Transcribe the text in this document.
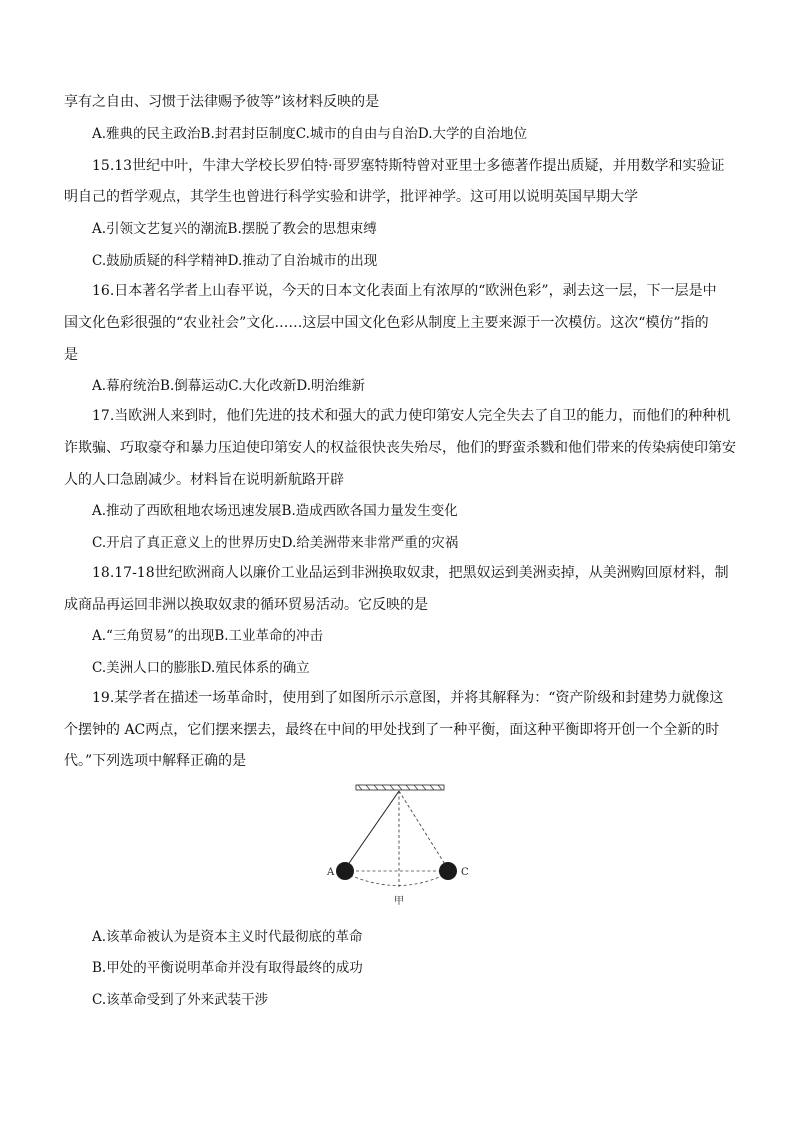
享有之自由、习惯于法律赐予彼等”该材料反映的是
A.雅典的民主政治B.封君封臣制度C.城市的自由与自治D.大学的自治地位
15.13世纪中叶，牛津大学校长罗伯特·哥罗塞特斯特曾对亚里士多德著作提出质疑，并用数学和实验证
明自己的哲学观点，其学生也曾进行科学实验和讲学，批评神学。这可用以说明英国早期大学
A.引领文艺复兴的潮流B.摆脱了教会的思想束缚
C.鼓励质疑的科学精神D.推动了自治城市的出现
16.日本著名学者上山春平说，今天的日本文化表面上有浓厚的“欧洲色彩”，剥去这一层，下一层是中
国文化色彩很强的“农业社会”文化……这层中国文化色彩从制度上主要来源于一次模仿。这次“模仿”指的
是
A.幕府统治B.倒幕运动C.大化改新D.明治维新
17.当欧洲人来到时，他们先进的技术和强大的武力使印第安人完全失去了自卫的能力，而他们的种种机
诈欺骗、巧取豪夺和暴力压迫使印第安人的权益很快丧失殆尽，他们的野蛮杀戮和他们带来的传染病使印第安
人的人口急剧减少。材料旨在说明新航路开辟
A.推动了西欧租地农场迅速发展B.造成西欧各国力量发生变化
C.开启了真正意义上的世界历史D.给美洲带来非常严重的灾祸
18.17-18世纪欧洲商人以廉价工业品运到非洲换取奴隶，把黑奴运到美洲卖掉，从美洲购回原材料，制
成商品再运回非洲以换取奴隶的循环贸易活动。它反映的是
A.“三角贸易”的出现B.工业革命的冲击
C.美洲人口的膨胀D.殖民体系的确立
19.某学者在描述一场革命时，使用到了如图所示示意图，并将其解释为：“资产阶级和封建势力就像这
个摆钟的 AC两点，它们摆来摆去，最终在中间的甲处找到了一种平衡，面这种平衡即将开创一个全新的时
代。”下列选项中解释正确的是
A	C
甲
A.该革命被认为是资本主义时代最彻底的革命
B.甲处的平衡说明革命并没有取得最终的成功
C.该革命受到了外来武装干涉
